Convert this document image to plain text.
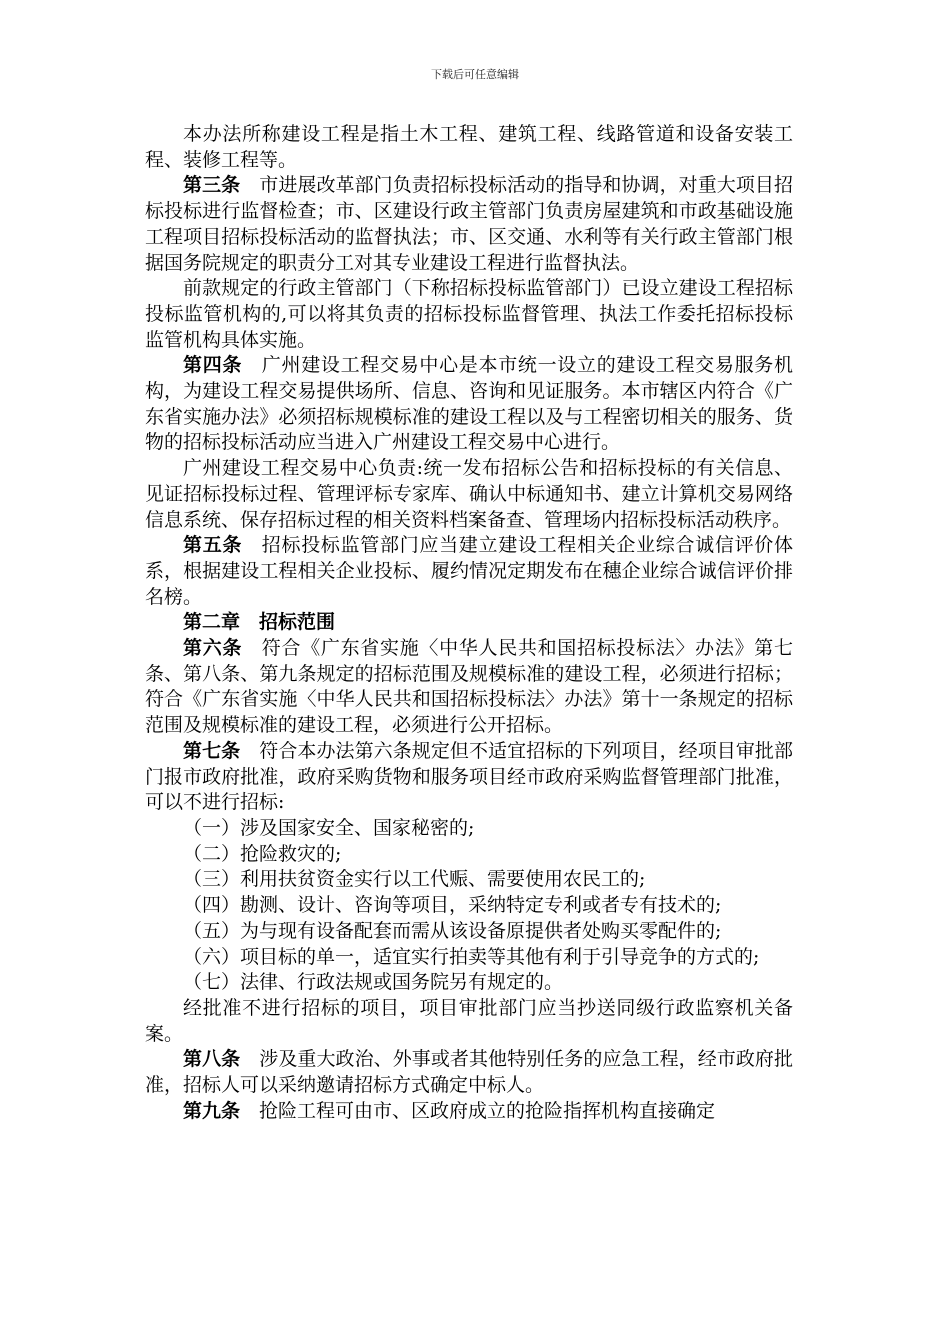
下载后可任意编辑

本办法所称建设工程是指土木工程、建筑工程、线路管道和设备安装工程、装修工程等。

第三条 市进展改革部门负责招标投标活动的指导和协调，对重大项目招标投标进行监督检查；市、区建设行政主管部门负责房屋建筑和市政基础设施工程项目招标投标活动的监督执法；市、区交通、水利等有关行政主管部门根据国务院规定的职责分工对其专业建设工程进行监督执法。

前款规定的行政主管部门（下称招标投标监管部门）已设立建设工程招标投标监管机构的,可以将其负责的招标投标监督管理、执法工作委托招标投标监管机构具体实施。

第四条 广州建设工程交易中心是本市统一设立的建设工程交易服务机构，为建设工程交易提供场所、信息、咨询和见证服务。本市辖区内符合《广东省实施办法》必须招标规模标准的建设工程以及与工程密切相关的服务、货物的招标投标活动应当进入广州建设工程交易中心进行。

广州建设工程交易中心负责:统一发布招标公告和招标投标的有关信息、见证招标投标过程、管理评标专家库、确认中标通知书、建立计算机交易网络信息系统、保存招标过程的相关资料档案备查、管理场内招标投标活动秩序。

第五条 招标投标监管部门应当建立建设工程相关企业综合诚信评价体系，根据建设工程相关企业投标、履约情况定期发布在穗企业综合诚信评价排名榜。

第二章 招标范围

第六条 符合《广东省实施〈中华人民共和国招标投标法〉办法》第七条、第八条、第九条规定的招标范围及规模标准的建设工程，必须进行招标；符合《广东省实施〈中华人民共和国招标投标法〉办法》第十一条规定的招标范围及规模标准的建设工程，必须进行公开招标。

第七条 符合本办法第六条规定但不适宜招标的下列项目，经项目审批部门报市政府批准，政府采购货物和服务项目经市政府采购监督管理部门批准，可以不进行招标:

（一）涉及国家安全、国家秘密的;

（二）抢险救灾的;

（三）利用扶贫资金实行以工代赈、需要使用农民工的;

（四）勘测、设计、咨询等项目，采纳特定专利或者专有技术的;

（五）为与现有设备配套而需从该设备原提供者处购买零配件的;

（六）项目标的单一，适宜实行拍卖等其他有利于引导竞争的方式的;

（七）法律、行政法规或国务院另有规定的。

经批准不进行招标的项目，项目审批部门应当抄送同级行政监察机关备案。

第八条 涉及重大政治、外事或者其他特别任务的应急工程，经市政府批准，招标人可以采纳邀请招标方式确定中标人。

第九条 抢险工程可由市、区政府成立的抢险指挥机构直接确定
